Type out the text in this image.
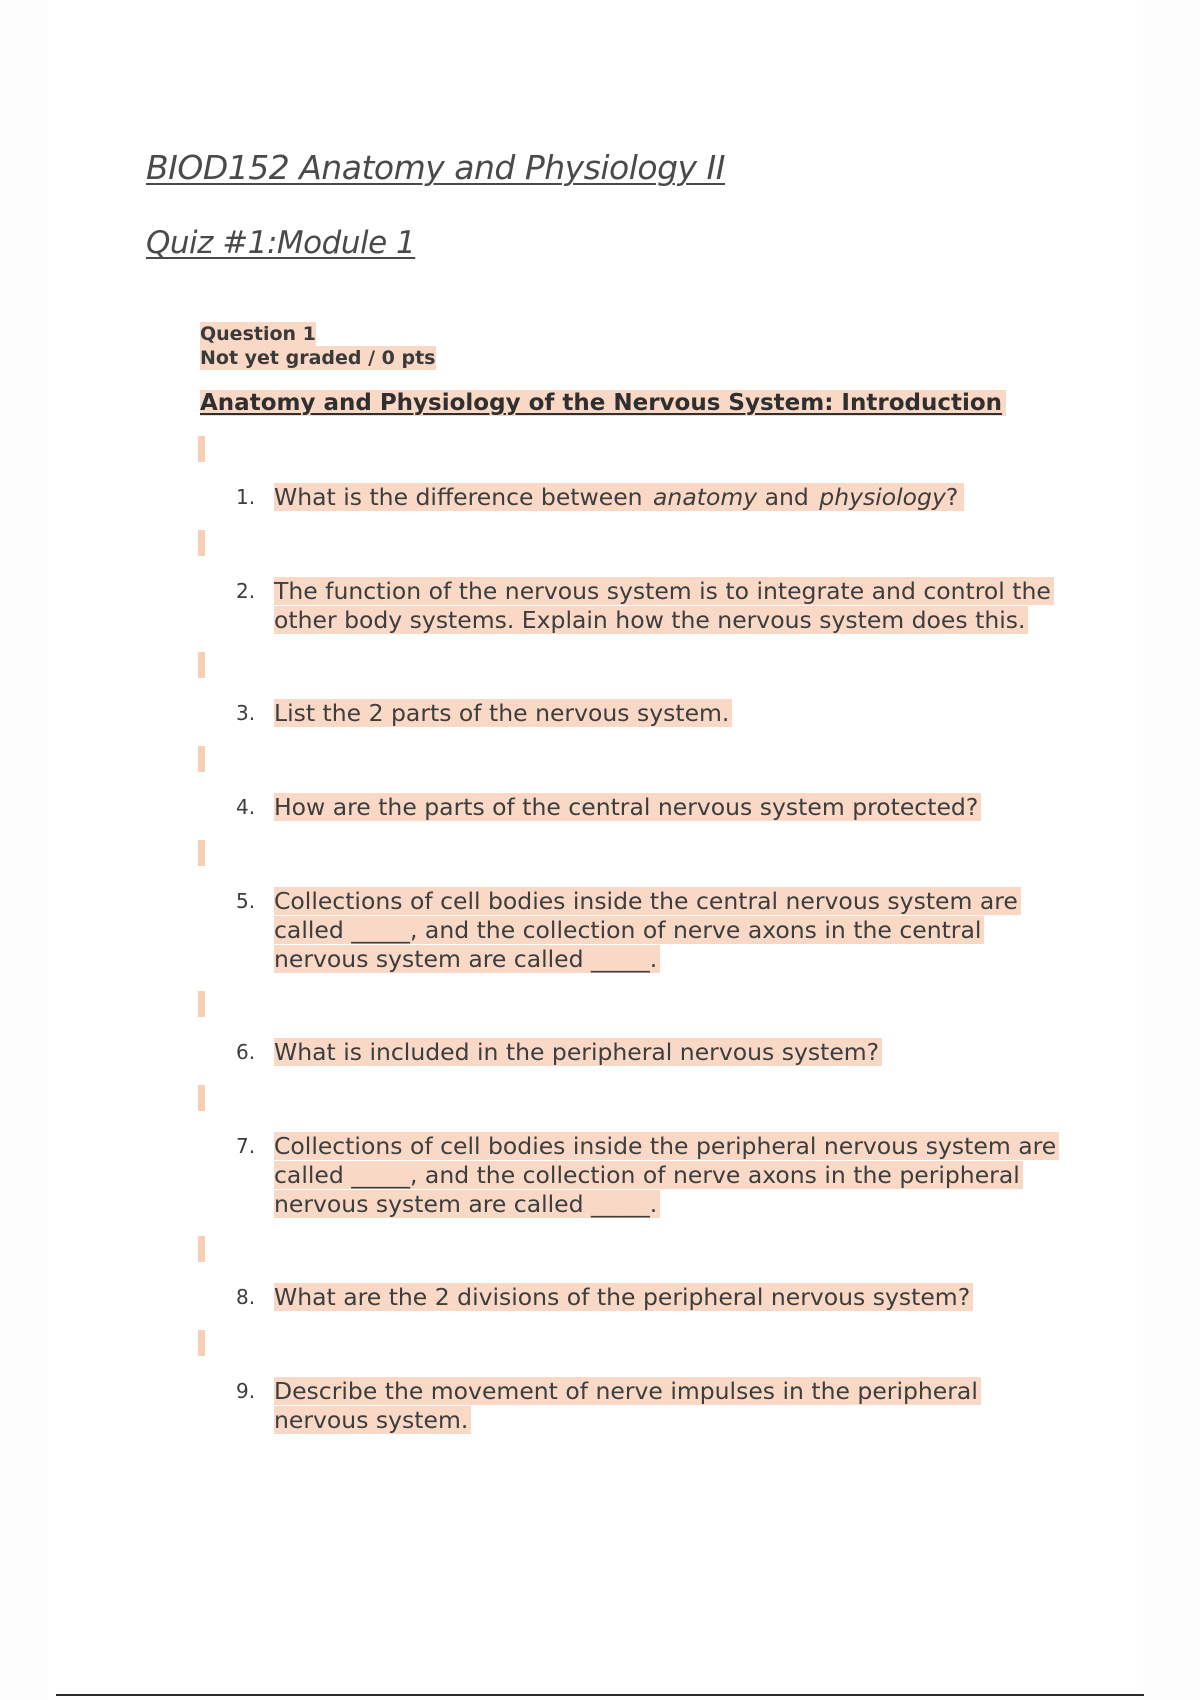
BIOD152 Anatomy and Physiology II
Quiz #1:Module 1
Question 1
Not yet graded / 0 pts
Anatomy and Physiology of the Nervous System: Introduction
1. What is the difference between anatomy and physiology?
2. The function of the nervous system is to integrate and control the
other body systems. Explain how the nervous system does this.
3. List the 2 parts of the nervous system.
4. How are the parts of the central nervous system protected?
5. Collections of cell bodies inside the central nervous system are
called _____, and the collection of nerve axons in the central
nervous system are called _____.
6. What is included in the peripheral nervous system?
7. Collections of cell bodies inside the peripheral nervous system are
called _____, and the collection of nerve axons in the peripheral
nervous system are called _____.
8. What are the 2 divisions of the peripheral nervous system?
9. Describe the movement of nerve impulses in the peripheral
nervous system.
